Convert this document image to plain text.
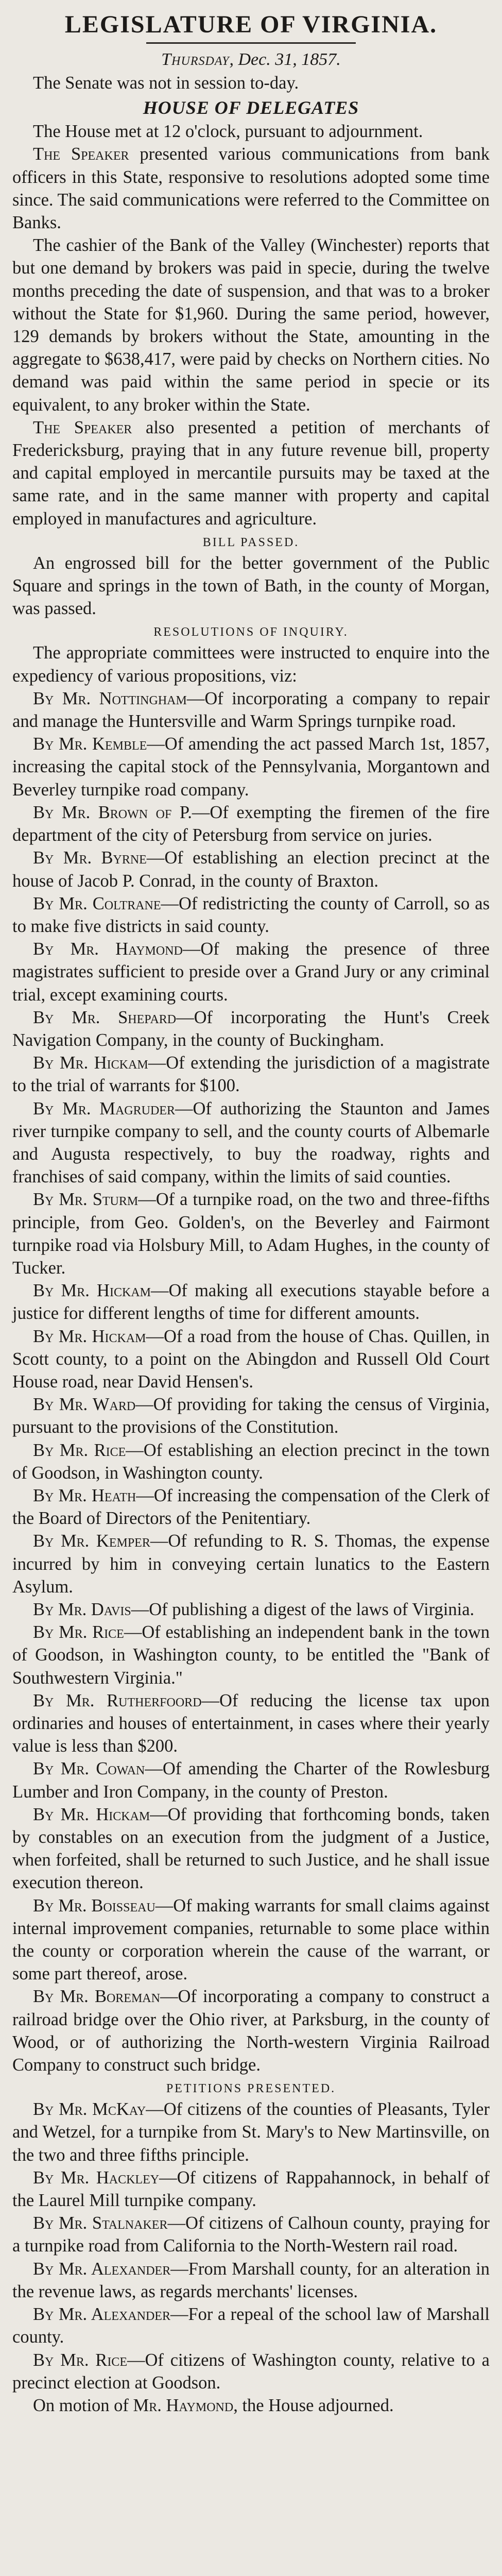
LEGISLATURE OF VIRGINIA.
Thursday, Dec. 31, 1857.

The Senate was not in session to-day.

HOUSE OF DELEGATES

The House met at 12 o'clock, pursuant to adjournment.

The Speaker presented various communications from bank officers in this State, responsive to resolutions adopted some time since. The said communications were referred to the Committee on Banks.

The cashier of the Bank of the Valley (Winchester) reports that but one demand by brokers was paid in specie, during the twelve months preceding the date of suspension, and that was to a broker without the State for $1,960. During the same period, however, 129 demands by brokers without the State, amounting in the aggregate to $638,417, were paid by checks on Northern cities. No demand was paid within the same period in specie or its equivalent, to any broker within the State.

The Speaker also presented a petition of merchants of Fredericksburg, praying that in any future revenue bill, property and capital employed in mercantile pursuits may be taxed at the same rate, and in the same manner with property and capital employed in manufactures and agriculture.

BILL PASSED.

An engrossed bill for the better government of the Public Square and springs in the town of Bath, in the county of Morgan, was passed.

RESOLUTIONS OF INQUIRY.

The appropriate committees were instructed to enquire into the expediency of various propositions, viz:

By Mr. Nottingham—Of incorporating a company to repair and manage the Huntersville and Warm Springs turnpike road.

By Mr. Kemble—Of amending the act passed March 1st, 1857, increasing the capital stock of the Pennsylvania, Morgantown and Beverley turnpike road company.

By Mr. Brown of P.—Of exempting the firemen of the fire department of the city of Petersburg from service on juries.

By Mr. Byrne—Of establishing an election precinct at the house of Jacob P. Conrad, in the county of Braxton.

By Mr. Coltrane—Of redistricting the county of Carroll, so as to make five districts in said county.

By Mr. Haymond—Of making the presence of three magistrates sufficient to preside over a Grand Jury or any criminal trial, except examining courts.

By Mr. Shepard—Of incorporating the Hunt's Creek Navigation Company, in the county of Buckingham.

By Mr. Hickam—Of extending the jurisdiction of a magistrate to the trial of warrants for $100.

By Mr. Magruder—Of authorizing the Staunton and James river turnpike company to sell, and the county courts of Albemarle and Augusta respectively, to buy the roadway, rights and franchises of said company, within the limits of said counties.

By Mr. Sturm—Of a turnpike road, on the two and three-fifths principle, from Geo. Golden's, on the Beverley and Fairmont turnpike road via Holsbury Mill, to Adam Hughes, in the county of Tucker.

By Mr. Hickam—Of making all executions stayable before a justice for different lengths of time for different amounts.

By Mr. Hickam—Of a road from the house of Chas. Quillen, in Scott county, to a point on the Abingdon and Russell Old Court House road, near David Hensen's.

By Mr. Ward—Of providing for taking the census of Virginia, pursuant to the provisions of the Constitution.

By Mr. Rice—Of establishing an election precinct in the town of Goodson, in Washington county.

By Mr. Heath—Of increasing the compensation of the Clerk of the Board of Directors of the Penitentiary.

By Mr. Kemper—Of refunding to R. S. Thomas, the expense incurred by him in conveying certain lunatics to the Eastern Asylum.

By Mr. Davis—Of publishing a digest of the laws of Virginia.

By Mr. Rice—Of establishing an independent bank in the town of Goodson, in Washington county, to be entitled the "Bank of Southwestern Virginia."

By Mr. Rutherfoord—Of reducing the license tax upon ordinaries and houses of entertainment, in cases where their yearly value is less than $200.

By Mr. Cowan—Of amending the Charter of the Rowlesburg Lumber and Iron Company, in the county of Preston.

By Mr. Hickam—Of providing that forthcoming bonds, taken by constables on an execution from the judgment of a Justice, when forfeited, shall be returned to such Justice, and he shall issue execution thereon.

By Mr. Boisseau—Of making warrants for small claims against internal improvement companies, returnable to some place within the county or corporation wherein the cause of the warrant, or some part thereof, arose.

By Mr. Boreman—Of incorporating a company to construct a railroad bridge over the Ohio river, at Parksburg, in the county of Wood, or of authorizing the North-western Virginia Railroad Company to construct such bridge.

PETITIONS PRESENTED.

By Mr. McKay—Of citizens of the counties of Pleasants, Tyler and Wetzel, for a turnpike from St. Mary's to New Martinsville, on the two and three fifths principle.

By Mr. Hackley—Of citizens of Rappahannock, in behalf of the Laurel Mill turnpike company.

By Mr. Stalnaker—Of citizens of Calhoun county, praying for a turnpike road from California to the North-Western rail road.

By Mr. Alexander—From Marshall county, for an alteration in the revenue laws, as regards merchants' licenses.

By Mr. Alexander—For a repeal of the school law of Marshall county.

By Mr. Rice—Of citizens of Washington county, relative to a precinct election at Goodson.

On motion of Mr. Haymond, the House adjourned.
